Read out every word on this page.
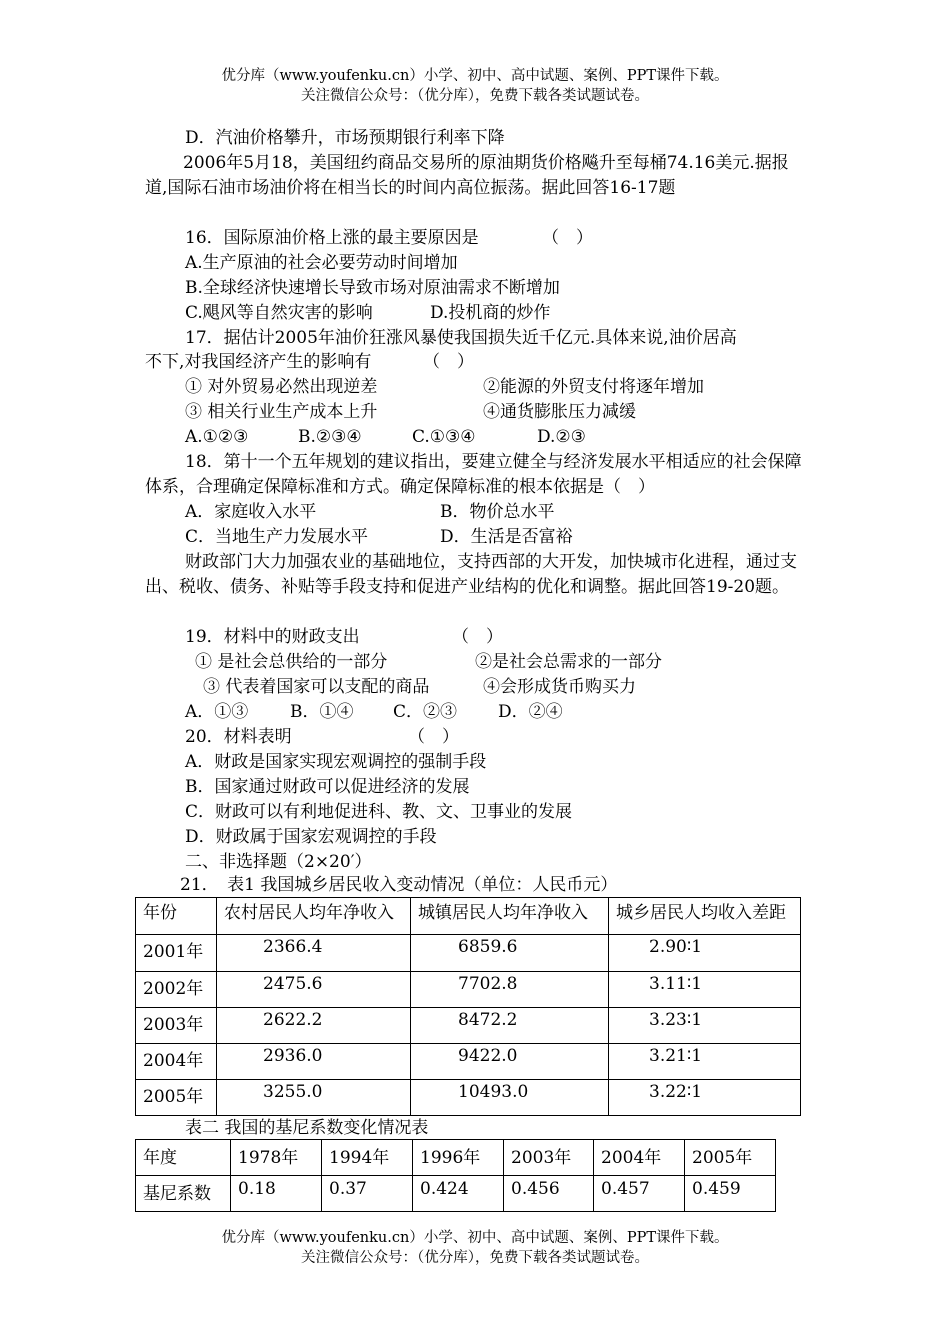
优分库（www.youfenku.cn）小学、初中、高中试题、案例、PPT课件下载。
关注微信公众号：（优分库），免费下载各类试题试卷。
D．汽油价格攀升，市场预期银行利率下降
2006年5月18，美国纽约商品交易所的原油期货价格飚升至每桶74.16美元.据报道,国际石油市场油价将在相当长的时间内高位振荡。据此回答16-17题
16．国际原油价格上涨的最主要原因是	（　）
A.生产原油的社会必要劳动时间增加
B.全球经济快速增长导致市场对原油需求不断增加
C.飓风等自然灾害的影响	D.投机商的炒作
17．据估计2005年油价狂涨风暴使我国损失近千亿元.具体来说,油价居高
不下,对我国经济产生的影响有	（　）
① 对外贸易必然出现逆差	②能源的外贸支付将逐年增加
③ 相关行业生产成本上升	④通货膨胀压力减缓
A.①②③	B.②③④	C.①③④	D.②③
18．第十一个五年规划的建议指出，要建立健全与经济发展水平相适应的社会保障体系，合理确定保障标准和方式。确定保障标准的根本依据是（　）
A．家庭收入水平	B．物价总水平
C．当地生产力发展水平	D．生活是否富裕
财政部门大力加强农业的基础地位，支持西部的大开发，加快城市化进程，通过支出、税收、债务、补贴等手段支持和促进产业结构的优化和调整。据此回答19-20题。
19．材料中的财政支出	（　）
① 是社会总供给的一部分	②是社会总需求的一部分
③ 代表着国家可以支配的商品	④会形成货币购买力
A．①③ B．①④ C．②③ D．②④
20．材料表明	（　）
A．财政是国家实现宏观调控的强制手段
B．国家通过财政可以促进经济的发展
C．财政可以有利地促进科、教、文、卫事业的发展
D．财政属于国家宏观调控的手段
二、非选择题（2×20′）
21．　表1 我国城乡居民收入变动情况（单位：人民币元）
年份	农村居民人均年净收入	城镇居民人均年净收入	城乡居民人均收入差距
2001年	2366.4	6859.6	2.90∶1
2002年	2475.6	7702.8	3.11∶1
2003年	2622.2	8472.2	3.23∶1
2004年	2936.0	9422.0	3.21∶1
2005年	3255.0	10493.0	3.22∶1
表二 我国的基尼系数变化情况表
年度	1978年	1994年	1996年	2003年	2004年	2005年
基尼系数	0.18	0.37	0.424	0.456	0.457	0.459
优分库（www.youfenku.cn）小学、初中、高中试题、案例、PPT课件下载。
关注微信公众号：（优分库），免费下载各类试题试卷。
